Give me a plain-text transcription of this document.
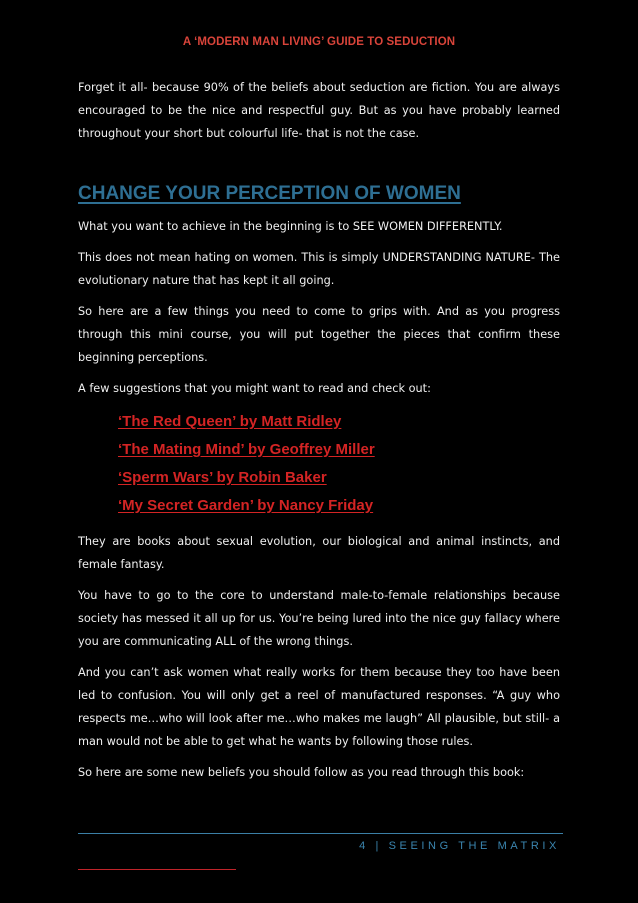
A ‘MODERN MAN LIVING’ GUIDE TO SEDUCTION

Forget it all- because 90% of the beliefs about seduction are fiction. You are always encouraged to be the nice and respectful guy. But as you have probably learned throughout your short but colourful life- that is not the case.

CHANGE YOUR PERCEPTION OF WOMEN

What you want to achieve in the beginning is to SEE WOMEN DIFFERENTLY.

This does not mean hating on women. This is simply UNDERSTANDING NATURE- The evolutionary nature that has kept it all going.

So here are a few things you need to come to grips with. And as you progress through this mini course, you will put together the pieces that confirm these beginning perceptions.

A few suggestions that you might want to read and check out:

‘The Red Queen’ by Matt Ridley
‘The Mating Mind’ by Geoffrey Miller
‘Sperm Wars’ by Robin Baker
‘My Secret Garden’ by Nancy Friday

They are books about sexual evolution, our biological and animal instincts, and female fantasy.

You have to go to the core to understand male-to-female relationships because society has messed it all up for us. You’re being lured into the nice guy fallacy where you are communicating ALL of the wrong things.

And you can’t ask women what really works for them because they too have been led to confusion. You will only get a reel of manufactured responses. “A guy who respects me…who will look after me…who makes me laugh” All plausible, but still- a man would not be able to get what he wants by following those rules.

So here are some new beliefs you should follow as you read through this book:

4 | SEEING THE MATRIX
